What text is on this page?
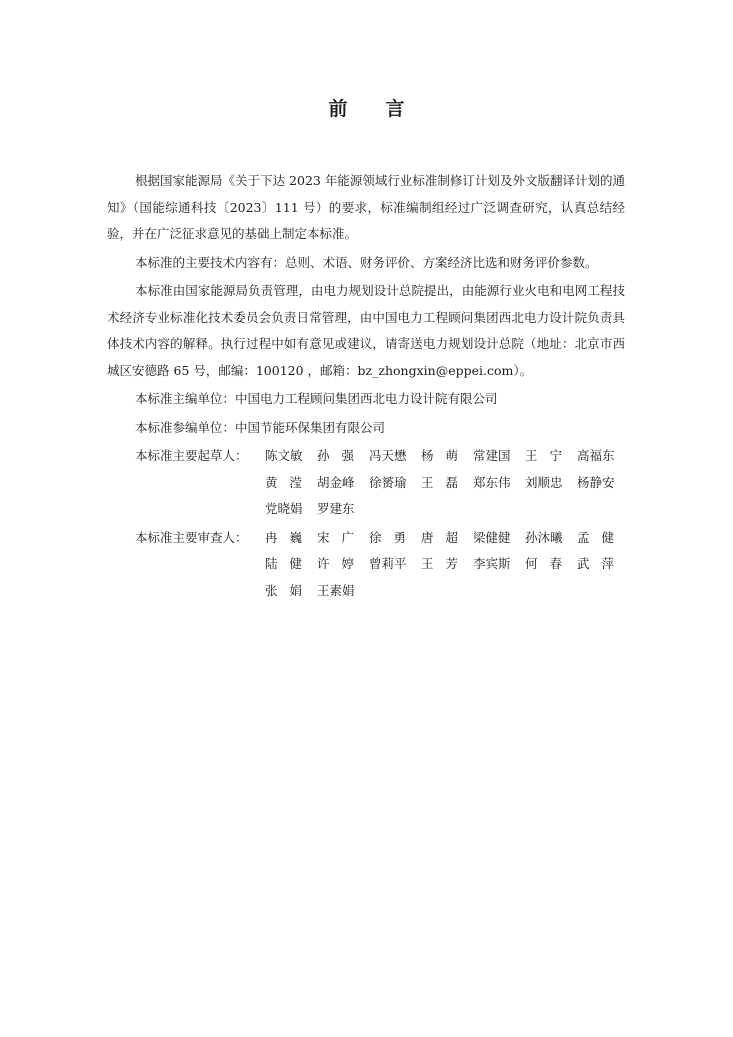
前言

根据国家能源局《关于下达 2023 年能源领域行业标准制修订计划及外文版翻译计划的通知》（国能综通科技〔2023〕111 号）的要求，标准编制组经过广泛调查研究，认真总结经验，并在广泛征求意见的基础上制定本标准。

本标准的主要技术内容有：总则、术语、财务评价、方案经济比选和财务评价参数。

本标准由国家能源局负责管理，由电力规划设计总院提出，由能源行业火电和电网工程技术经济专业标准化技术委员会负责日常管理，由中国电力工程顾问集团西北电力设计院负责具体技术内容的解释。执行过程中如有意见或建议，请寄送电力规划设计总院（地址：北京市西城区安德路 65 号，邮编：100120 ，邮箱：bz_zhongxin@eppei.com）。

本标准主编单位：中国电力工程顾问集团西北电力设计院有限公司

本标准参编单位：中国节能环保集团有限公司

本标准主要起草人：	陈文敏	孙强 冯天懋	杨萌 常建国	王宁 高福东
黄滢 胡金峰	徐赟瑜	王磊 郑东伟	刘顺忠	杨静安
党晓娟	罗建东
本标准主要审查人：	冉巍 宋广 徐勇 唐超 梁健健	孙沐曦	孟健
陆健 许婷 曾莉平	王芳 李宾斯	何春 武萍
张娟 王素娟
